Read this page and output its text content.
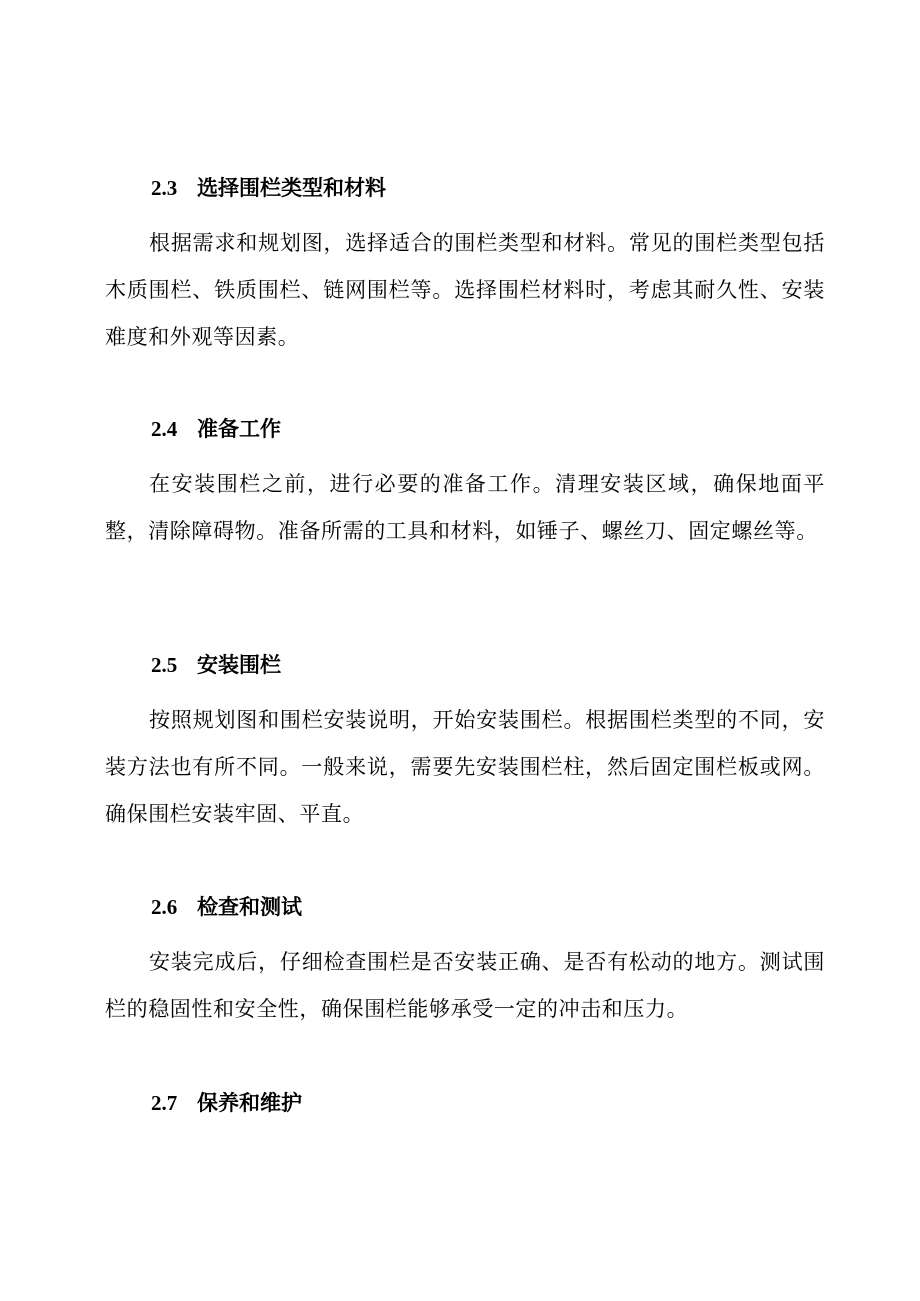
2.3 选择围栏类型和材料
根据需求和规划图，选择适合的围栏类型和材料。常见的围栏类型包括木质围栏、铁质围栏、链网围栏等。选择围栏材料时，考虑其耐久性、安装难度和外观等因素。
2.4 准备工作
在安装围栏之前，进行必要的准备工作。清理安装区域，确保地面平整，清除障碍物。准备所需的工具和材料，如锤子、螺丝刀、固定螺丝等。
2.5 安装围栏
按照规划图和围栏安装说明，开始安装围栏。根据围栏类型的不同，安装方法也有所不同。一般来说，需要先安装围栏柱，然后固定围栏板或网。确保围栏安装牢固、平直。
2.6 检查和测试
安装完成后，仔细检查围栏是否安装正确、是否有松动的地方。测试围栏的稳固性和安全性，确保围栏能够承受一定的冲击和压力。
2.7 保养和维护
